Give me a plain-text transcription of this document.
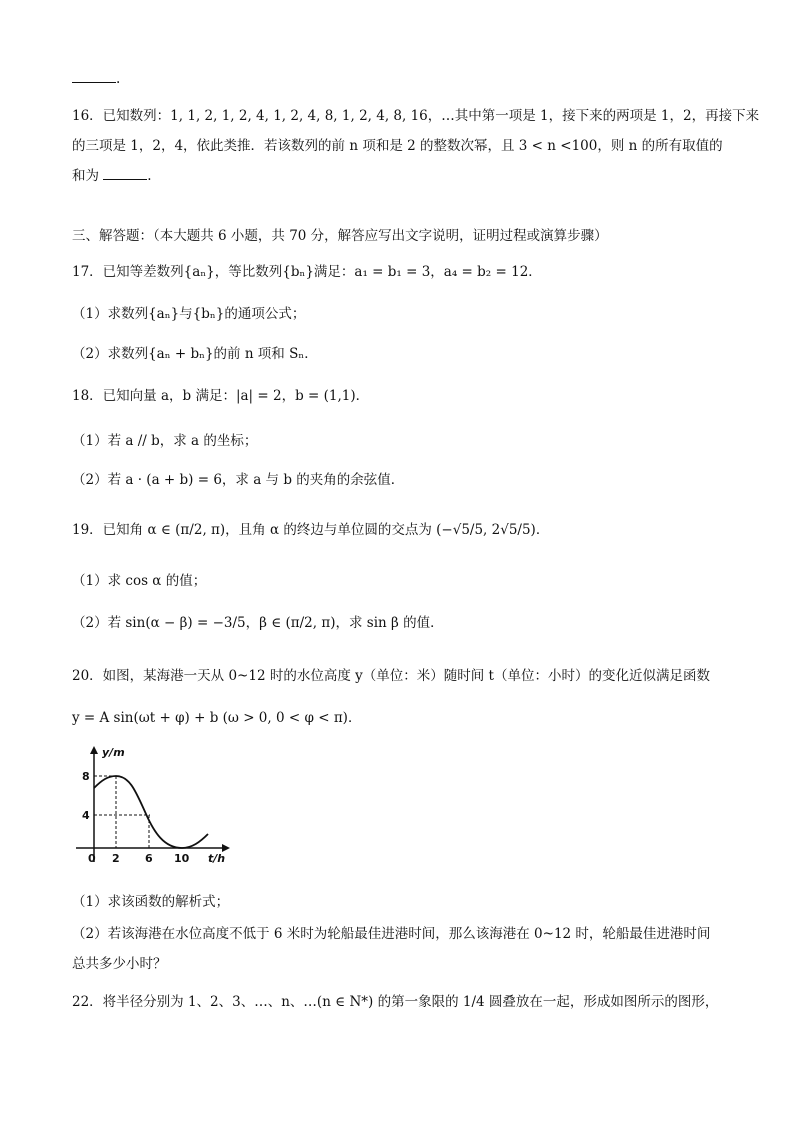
.
16．已知数列：1, 1, 2, 1, 2, 4, 1, 2, 4, 8, 1, 2, 4, 8, 16，…其中第一项是 1，接下来的两项是 1，2，再接下来
的三项是 1，2，4，依此类推．若该数列的前 n 项和是 2 的整数次幂，且 3 < n <100，则 n 的所有取值的
和为	.
三、解答题：（本大题共 6 小题，共 70 分，解答应写出文字说明，证明过程或演算步骤）
17．已知等差数列{aₙ}，等比数列{bₙ}满足：a₁ = b₁ = 3，a₄ = b₂ = 12．
（1）求数列{aₙ}与{bₙ}的通项公式；
（2）求数列{aₙ + bₙ}的前 n 项和 Sₙ．
18．已知向量 a，b 满足：|a| = 2，b = (1,1)．
（1）若 a // b，求 a 的坐标；
（2）若 a · (a + b) = 6，求 a 与 b 的夹角的余弦值．
19．已知角 α ∈ (π/2, π)，且角 α 的终边与单位圆的交点为 (−√5/5, 2√5/5)．
（1）求 cos α 的值；
（2）若 sin(α − β) = −3/5，β ∈ (π/2, π)，求 sin β 的值．
20．如图，某海港一天从 0~12 时的水位高度 y（单位：米）随时间 t（单位：小时）的变化近似满足函数
y = A sin(ωt + φ) + b (ω > 0, 0 < φ < π)．
y/m
8
4
0 2 6 10 t/h
（1）求该函数的解析式；
（2）若该海港在水位高度不低于 6 米时为轮船最佳进港时间，那么该海港在 0~12 时，轮船最佳进港时间
总共多少小时？
22．将半径分别为 1、2、3、…、n、…(n ∈ N*) 的第一象限的 1/4 圆叠放在一起，形成如图所示的图形，
